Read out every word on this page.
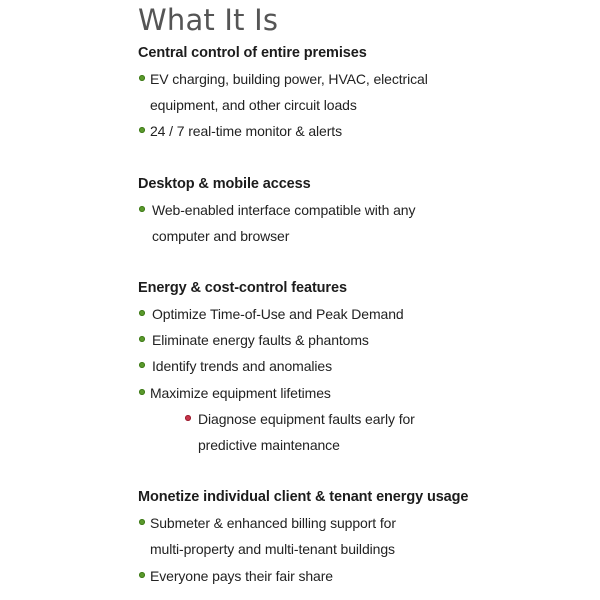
What It Is

Central control of entire premises

EV charging, building power, HVAC, electrical
equipment, and other circuit loads
24 / 7 real-time monitor & alerts

Desktop & mobile access

Web-enabled interface compatible with any
computer and browser

Energy & cost-control features

Optimize Time-of-Use and Peak Demand
Eliminate energy faults & phantoms
Identify trends and anomalies
Maximize equipment lifetimes
Diagnose equipment faults early for
predictive maintenance

Monetize individual client & tenant energy usage

Submeter & enhanced billing support for
multi-property and multi-tenant buildings
Everyone pays their fair share
